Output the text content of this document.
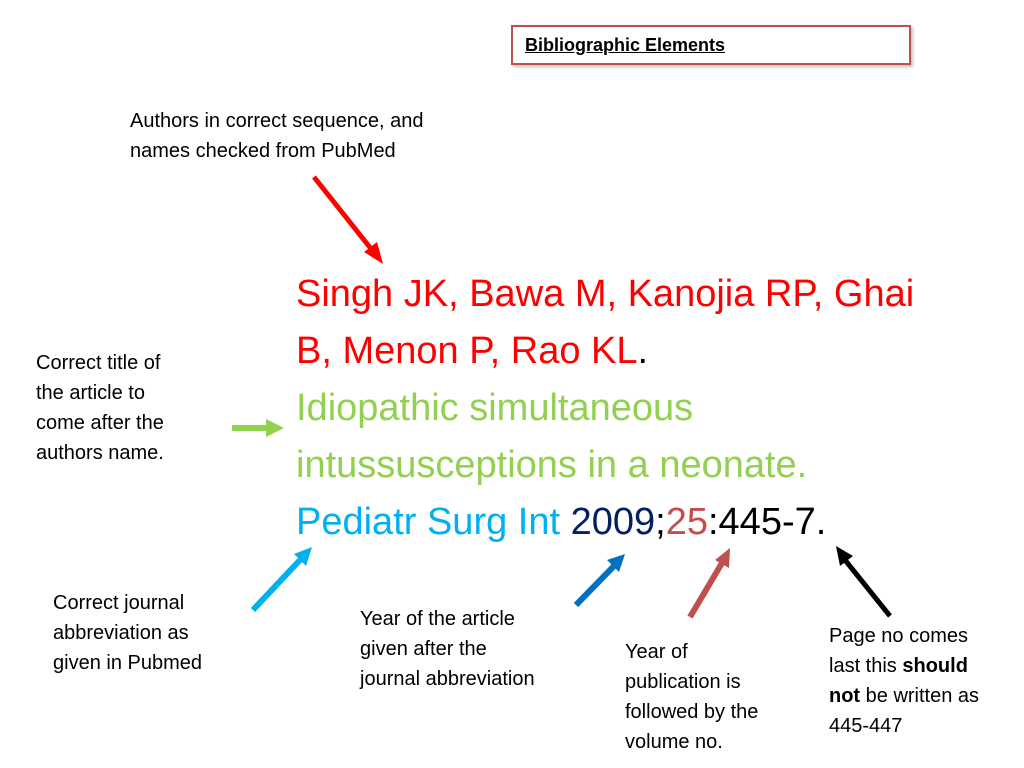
Bibliographic Elements

Authors in correct sequence, and
names checked from PubMed

Correct title of
the article to
come after the
authors name.

Correct journal
abbreviation as
given in Pubmed

Year of the article
given after the
journal abbreviation

Year of
publication is
followed by the
volume no.

Page no comes
last this should
not be written as
445-447

Singh JK, Bawa M, Kanojia RP, Ghai
B, Menon P, Rao KL.
Idiopathic simultaneous
intussusceptions in a neonate.
Pediatr Surg Int 2009;25:445-7.
